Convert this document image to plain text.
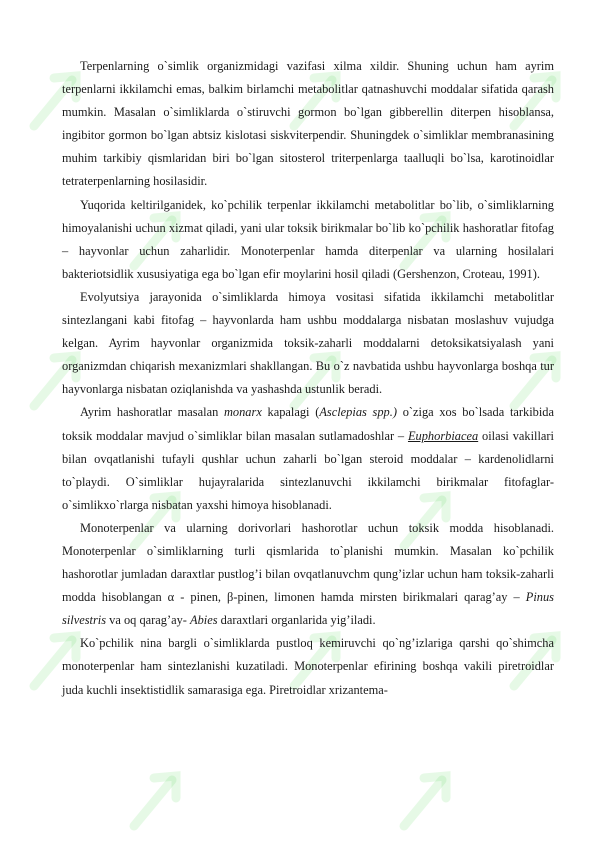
Terpenlarning o`simlik organizmidagi vazifasi xilma xildir. Shuning uchun ham ayrim terpenlarni ikkilamchi emas, balkim birlamchi metabolitlar qatnashuvchi moddalar sifatida qarash mumkin. Masalan o`simliklarda o`stiruvchi gormon bo`lgan gibberellin diterpen hisoblansa, ingibitor gormon bo`lgan abtsiz kislotasi siskviterpendir. Shuningdek o`simliklar membranasining muhim tarkibiy qismlaridan biri bo`lgan sitosterol triterpenlarga taalluqli bo`lsa, karotinoidlar tetraterpenlarning hosilasidir.

Yuqorida keltirilganidek, ko`pchilik terpenlar ikkilamchi metabolitlar bo`lib, o`simliklarning himoyalanishi uchun xizmat qiladi, yani ular toksik birikmalar bo`lib ko`pchilik hashoratlar fitofag – hayvonlar uchun zaharlidir. Monoterpenlar hamda diterpenlar va ularning hosilalari bakteriotsidlik xususiyatiga ega bo`lgan efir moylarini hosil qiladi (Gershenzon, Croteau, 1991).

Evolyutsiya jarayonida o`simliklarda himoya vositasi sifatida ikkilamchi metabolitlar sintezlangani kabi fitofag – hayvonlarda ham ushbu moddalarga nisbatan moslashuv vujudga kelgan. Ayrim hayvonlar organizmida toksik-zaharli moddalarni detoksikatsiyalash yani organizmdan chiqarish mexanizmlari shakllangan. Bu o`z navbatida ushbu hayvonlarga boshqa tur hayvonlarga nisbatan oziqlanishda va yashashda ustunlik beradi.

Ayrim hashoratlar masalan monarx kapalagi (Asclepias spp.) o`ziga xos bo`lsada tarkibida toksik moddalar mavjud o`simliklar bilan masalan sutlamadoshlar – Euphorbiacea oilasi vakillari bilan ovqatlanishi tufayli qushlar uchun zaharli bo`lgan steroid moddalar – kardenolidlarni to`playdi. O`simliklar hujayralarida sintezlanuvchi ikkilamchi birikmalar fitofaglar-o`simlikxo`rlarga nisbatan yaxshi himoya hisoblanadi.

Monoterpenlar va ularning dorivorlari hashorotlar uchun toksik modda hisoblanadi. Monoterpenlar o`simliklarning turli qismlarida to`planishi mumkin. Masalan ko`pchilik hashorotlar jumladan daraxtlar pustlog’i bilan ovqatlanuvchm qung’izlar uchun ham toksik-zaharli modda hisoblangan α - pinen, β-pinen, limonen hamda mirsten birikmalari qarag’ay – Pinus silvestris va oq qarag’ay- Abies daraxtlari organlarida yig’iladi.

Ko`pchilik nina bargli o`simliklarda pustloq kemiruvchi qo`ng’izlariga qarshi qo`shimcha monoterpenlar ham sintezlanishi kuzatiladi. Monoterpenlar efirining boshqa vakili piretroidlar juda kuchli insektistidlik samarasiga ega. Piretroidlar xrizantema-
